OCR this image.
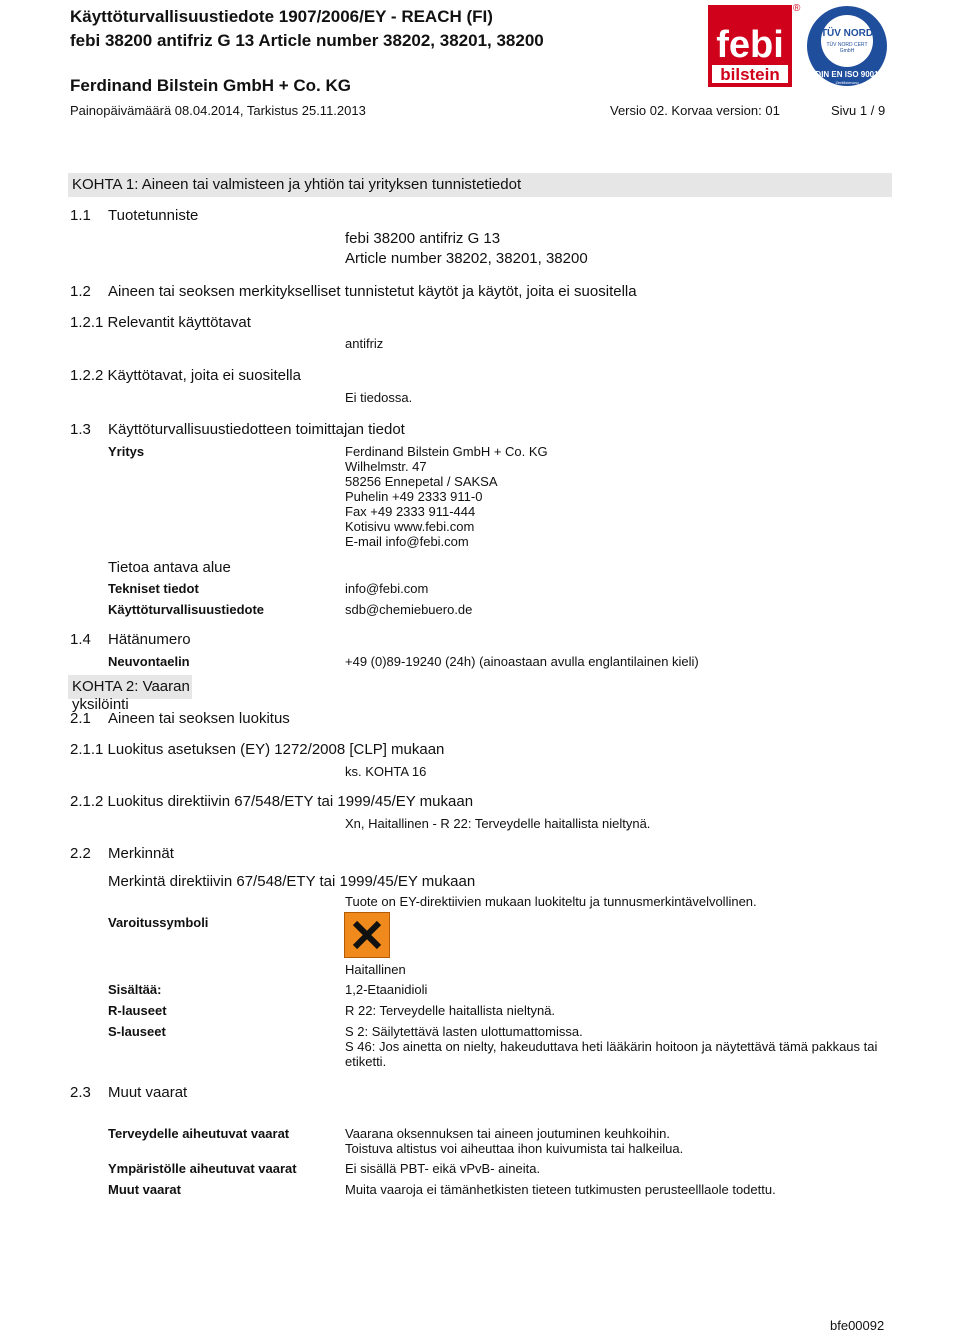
Käyttöturvallisuustiedote 1907/2006/EY - REACH (FI)
febi 38200 antifriz G 13 Article number 38202, 38201, 38200
Ferdinand Bilstein GmbH + Co. KG
Painopäivämäärä 08.04.2014, Tarkistus 25.11.2013	Versio 02. Korvaa version: 01	Sivu 1 / 9
febi
bilstein
®
TÜV NORD
TÜV NORD CERT
GmbH
DIN EN ISO 9001
Zertifizierung
KOHTA 1: Aineen tai valmisteen ja yhtiön tai yrityksen tunnistetiedot
1.1 Tuotetunniste
febi 38200 antifriz G 13
Article number 38202, 38201, 38200
1.2 Aineen tai seoksen merkitykselliset tunnistetut käytöt ja käytöt, joita ei suositella
1.2.1 Relevantit käyttötavat
antifriz
1.2.2 Käyttötavat, joita ei suositella
Ei tiedossa.
1.3 Käyttöturvallisuustiedotteen toimittajan tiedot
Yritys	Ferdinand Bilstein GmbH + Co. KG
Wilhelmstr. 47
58256 Ennepetal / SAKSA
Puhelin +49 2333 911-0
Fax +49 2333 911-444
Kotisivu www.febi.com
E-mail info@febi.com
Tietoa antava alue
Tekniset tiedot	info@febi.com
Käyttöturvallisuustiedote	sdb@chemiebuero.de
1.4 Hätänumero
Neuvontaelin	+49 (0)89-19240 (24h) (ainoastaan avulla englantilainen kieli)
KOHTA 2: Vaaran yksilöinti
2.1 Aineen tai seoksen luokitus
2.1.1 Luokitus asetuksen (EY) 1272/2008 [CLP] mukaan
ks. KOHTA 16
2.1.2 Luokitus direktiivin 67/548/ETY tai 1999/45/EY mukaan
Xn, Haitallinen - R 22: Terveydelle haitallista nieltynä.
2.2 Merkinnät
Merkintä direktiivin 67/548/ETY tai 1999/45/EY mukaan
Tuote on EY-direktiivien mukaan luokiteltu ja tunnusmerkintävelvollinen.
Varoitussymboli
Haitallinen
Sisältää:	1,2-Etaanidioli
R-lauseet	R 22: Terveydelle haitallista nieltynä.
S-lauseet	S 2: Säilytettävä lasten ulottumattomissa.
S 46: Jos ainetta on nielty, hakeuduttava heti lääkärin hoitoon ja näytettävä tämä pakkaus tai etiketti.
2.3 Muut vaarat
Terveydelle aiheutuvat vaarat	Vaarana oksennuksen tai aineen joutuminen keuhkoihin.
Toistuva altistus voi aiheuttaa ihon kuivumista tai halkeilua.
Ympäristölle aiheutuvat vaarat	Ei sisällä PBT- eikä vPvB- aineita.
Muut vaarat	Muita vaaroja ei tämänhetkisten tieteen tutkimusten perusteelllaole todettu.
bfe00092
